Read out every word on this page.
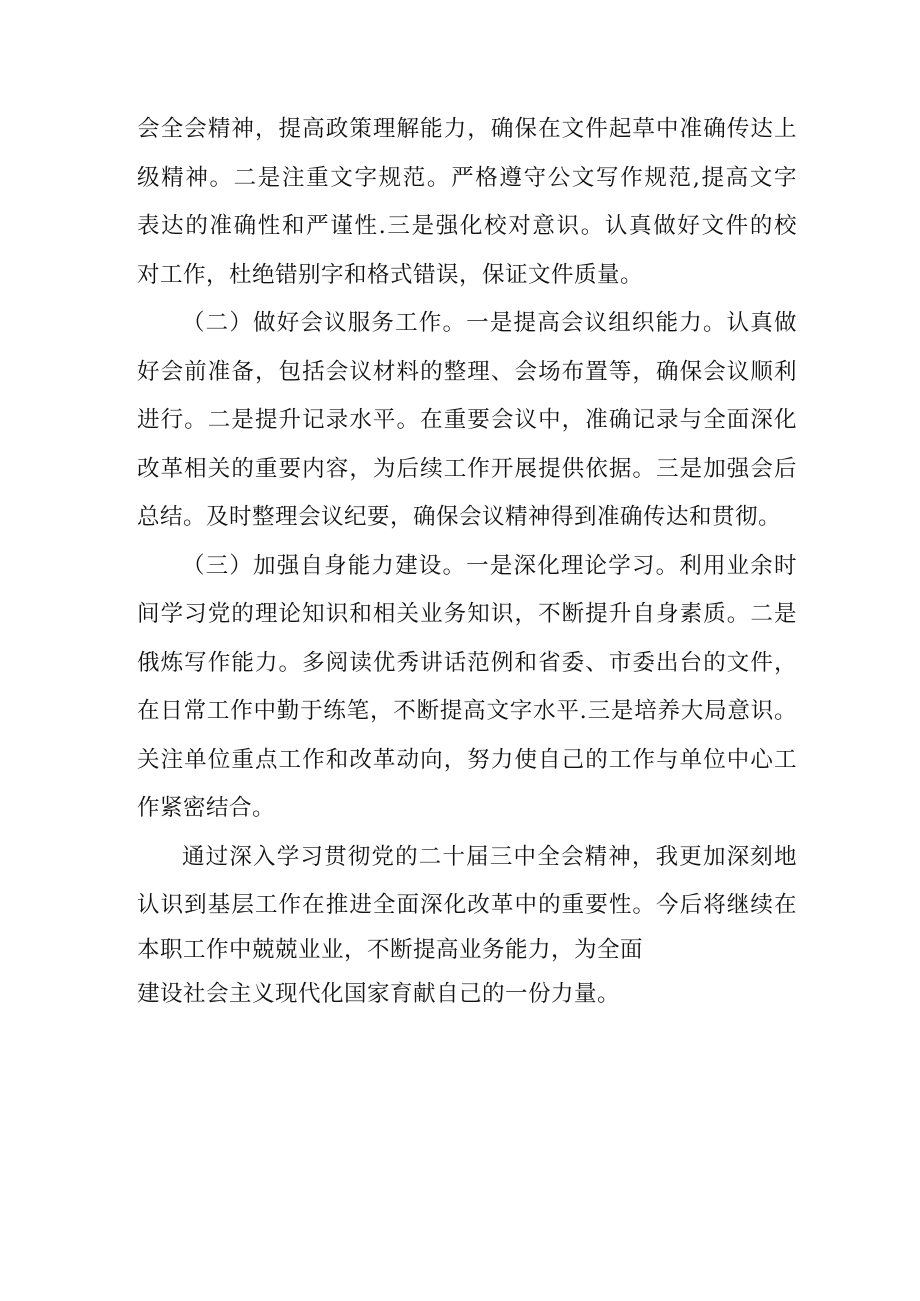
会全会精神，提高政策理解能力，确保在文件起草中准确传达上
级精神。二是注重文字规范。严格遵守公文写作规范,提高文字
表达的准确性和严谨性.三是强化校对意识。认真做好文件的校
对工作，杜绝错别字和格式错误，保证文件质量。
（二）做好会议服务工作。一是提高会议组织能力。认真做
好会前准备，包括会议材料的整理、会场布置等，确保会议顺利
进行。二是提升记录水平。在重要会议中，准确记录与全面深化
改革相关的重要内容，为后续工作开展提供依据。三是加强会后
总结。及时整理会议纪要，确保会议精神得到准确传达和贯彻。
（三）加强自身能力建设。一是深化理论学习。利用业余时
间学习党的理论知识和相关业务知识，不断提升自身素质。二是
俄炼写作能力。多阅读优秀讲话范例和省委、市委出台的文件，
在日常工作中勤于练笔，不断提高文字水平.三是培养大局意识。
关注单位重点工作和改革动向，努力使自己的工作与单位中心工
作紧密结合。
通过深入学习贯彻党的二十届三中全会精神，我更加深刻地
认识到基层工作在推进全面深化改革中的重要性。今后将继续在
本职工作中兢兢业业，不断提高业务能力，为全面
建设社会主义现代化国家育献自己的一份力量。
